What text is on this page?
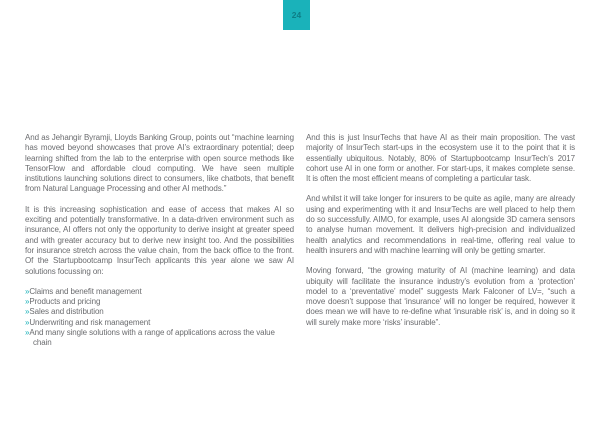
24

And as Jehangir Byramji, Lloyds Banking Group, points out “machine learning has moved beyond showcases that prove AI’s extraordinary potential; deep learning shifted from the lab to the enterprise with open source methods like TensorFlow and affordable cloud computing. We have seen multiple institutions launching solutions direct to consumers, like chatbots, that benefit from Natural Language Processing and other AI methods.”

It is this increasing sophistication and ease of access that makes AI so exciting and potentially transformative. In a data-driven environment such as insurance, AI offers not only the opportunity to derive insight at greater speed and with greater accuracy but to derive new insight too. And the possibilities for insurance stretch across the value chain, from the back office to the front. Of the Startupbootcamp InsurTech applicants this year alone we saw AI solutions focussing on:

»Claims and benefit management
»Products and pricing
»Sales and distribution
»Underwriting and risk management
»And many single solutions with a range of applications across the value chain

And this is just InsurTechs that have AI as their main proposition. The vast majority of InsurTech start-ups in the ecosystem use it to the point that it is essentially ubiquitous. Notably, 80% of Startupbootcamp InsurTech’s 2017 cohort use AI in one form or another. For start-ups, it makes complete sense. It is often the most efficient means of completing a particular task.

And whilst it will take longer for insurers to be quite as agile, many are already using and experimenting with it and InsurTechs are well placed to help them do so successfully. AIMO, for example, uses AI alongside 3D camera sensors to analyse human movement. It delivers high-precision and individualized health analytics and recommendations in real-time, offering real value to health insurers and with machine learning will only be getting smarter.

Moving forward, “the growing maturity of AI (machine learning) and data ubiquity will facilitate the insurance industry’s evolution from a ‘protection’ model to a ‘preventative’ model” suggests Mark Falconer of LV=, “such a move doesn’t suppose that ‘insurance’ will no longer be required, however it does mean we will have to re-define what ‘insurable risk’ is, and in doing so it will surely make more ‘risks’ insurable”.
